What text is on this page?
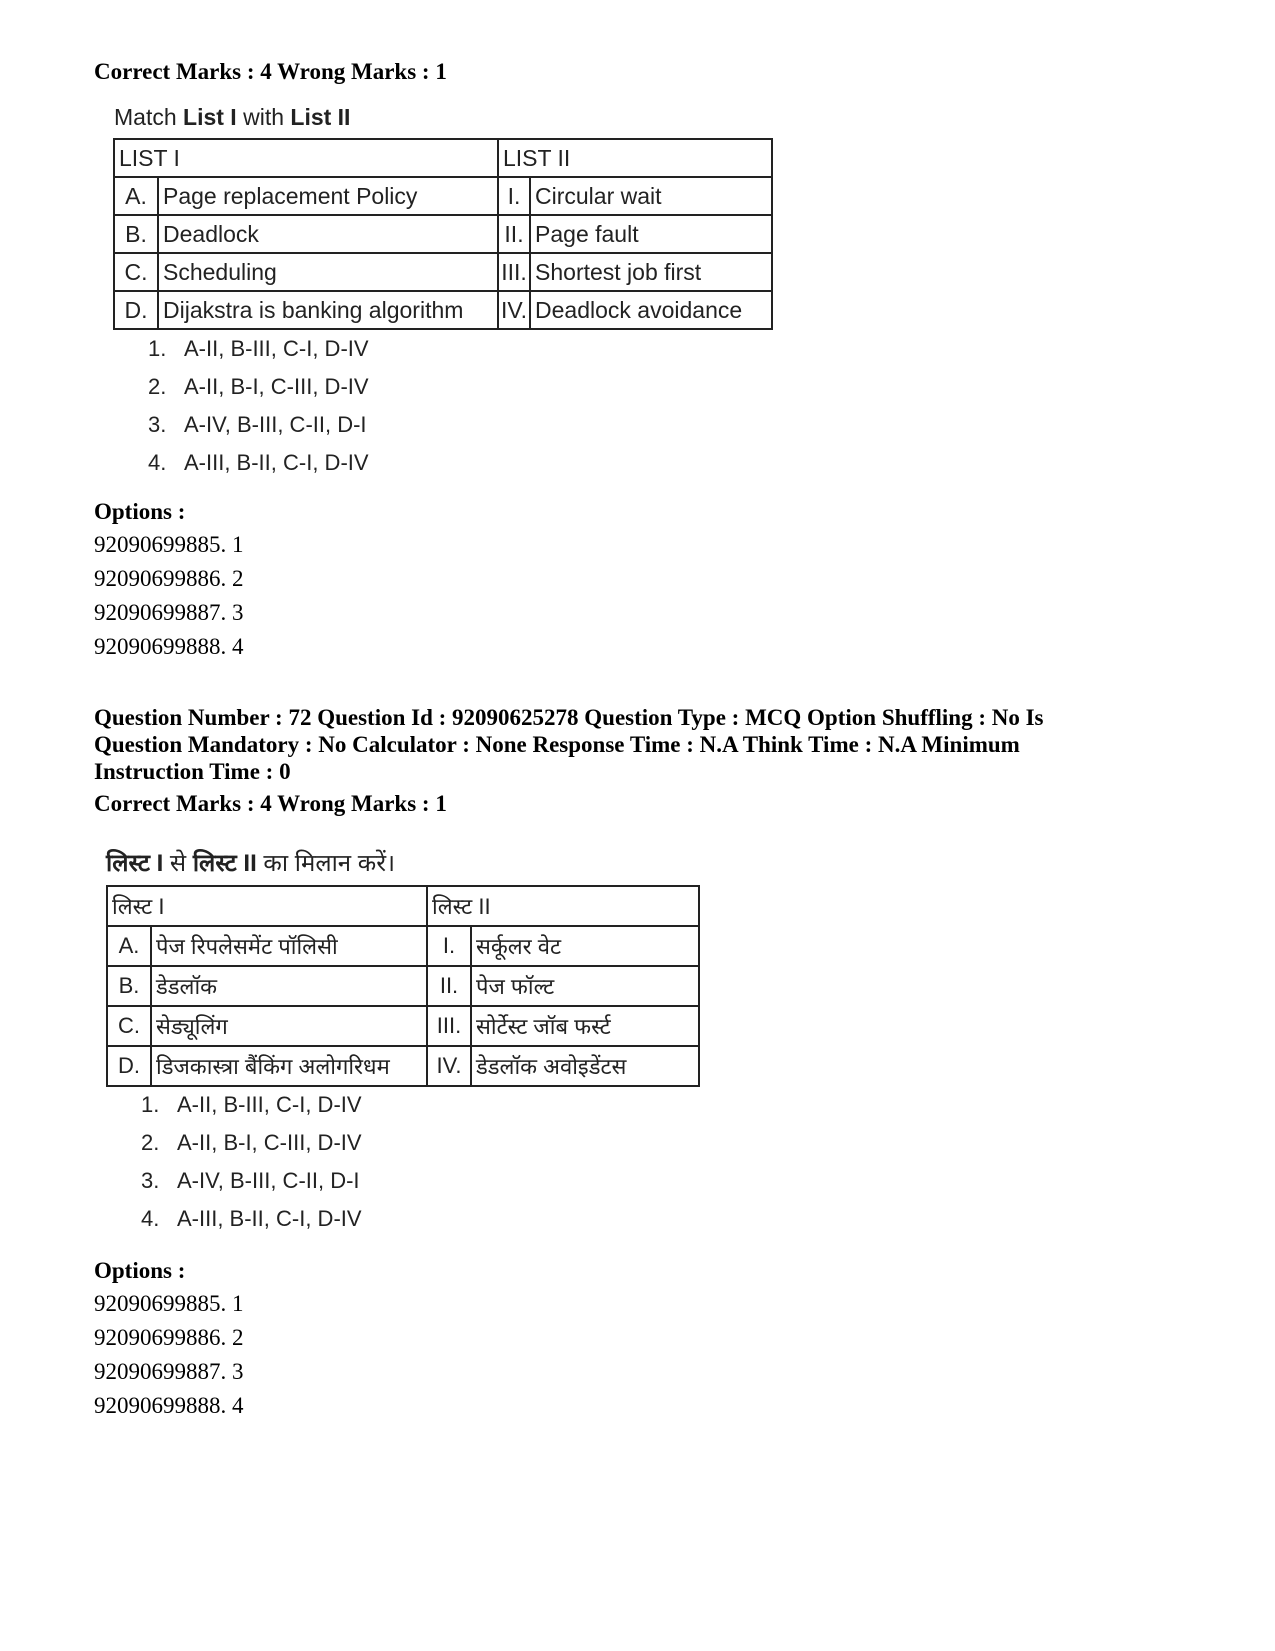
Correct Marks : 4 Wrong Marks : 1
Match List I with List II
LIST I		LIST II	
A.	Page replacement Policy	I.	Circular wait
B.	Deadlock	II.	Page fault
C.	Scheduling	III.	Shortest job first
D.	Dijakstra is banking algorithm	IV.	Deadlock avoidance
1. A-II, B-III, C-I, D-IV
2. A-II, B-I, C-III, D-IV
3. A-IV, B-III, C-II, D-I
4. A-III, B-II, C-I, D-IV
Options :
92090699885. 1
92090699886. 2
92090699887. 3
92090699888. 4
Question Number : 72 Question Id : 92090625278 Question Type : MCQ Option Shuffling : No Is Question Mandatory : No Calculator : None Response Time : N.A Think Time : N.A Minimum Instruction Time : 0
Correct Marks : 4 Wrong Marks : 1
लिस्ट I से लिस्ट II का मिलान करें।
लिस्ट I		लिस्ट II	
A.	पेज रिपलेसमेंट पॉलिसी	I.	सर्कूलर वेट
B.	डेडलॉक	II.	पेज फॉल्ट
C.	सेड्यूलिंग	III.	सोर्टेस्ट जॉब फर्स्ट
D.	डिजकास्त्रा बैंकिंग अलोगरिधम	IV.	डेडलॉक अवोइडेंटस
1. A-II, B-III, C-I, D-IV
2. A-II, B-I, C-III, D-IV
3. A-IV, B-III, C-II, D-I
4. A-III, B-II, C-I, D-IV
Options :
92090699885. 1
92090699886. 2
92090699887. 3
92090699888. 4
